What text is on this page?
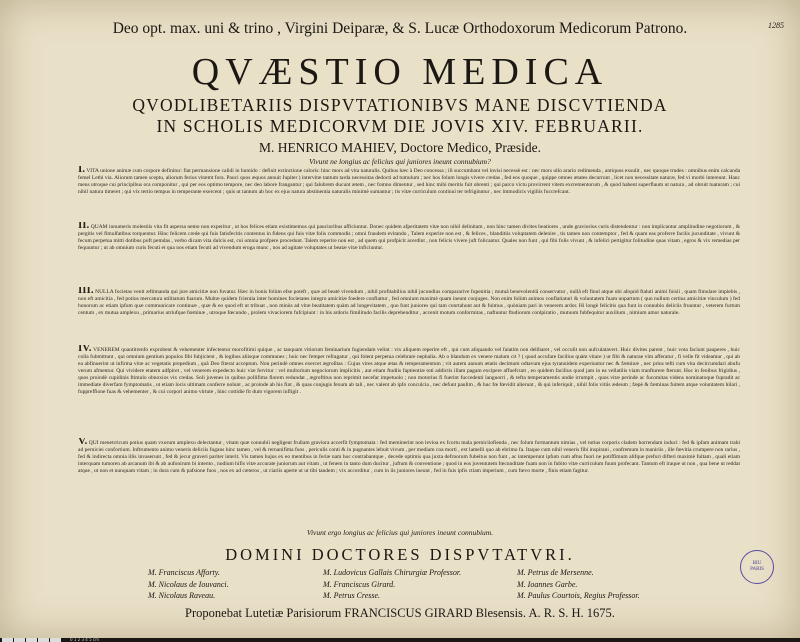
1285
Deo opt. max. uni & trino , Virgini Deiparæ, & S. Lucæ Orthodoxorum Medicorum Patrono.
QVÆSTIO MEDICA
QVODLIBETARIIS DISPVTATIONIBVS MANE DISCVTIENDA
IN SCHOLIS MEDICORVM DIE JOVIS XIV. FEBRUARII.
M. HENRICO MAHIEV, Doctore Medico, Præside.
Vivunt ne longius ac felicius qui juniores ineunt connubium?

I. VITA unione animæ cum corpore definitur: fiat permansione calidi in humido : definit extinctione caloris: hinc mors ad vita naturalis. Quibus hæc à Deo concessa ; ill succumbant vel invisi necessè est : nec mors ullo arario redimenda , antiquos exsulit , nec quoque trudes : omnibus enim calcanda femel Lethi via. Aliorum tamen sceptu, aliorum ferius vitæmt fora. Pauci quos æquos annuit Jupiter ) intervitæ tantum tarda necessitas dedocti ad tumulum ; nec hos folum longis vivere credas , fed eos quoque , quippe omnes ætates decurrunt , licet non necessitate naturæ, fed vi morbi intereunt. Hanc mens utroque cui principibus ora componitur , qui per eos optimo tempore, nec deo labore frangantur ; qui falubrem ducunt ætem , nec fomno dimentur , sed hinc mihi meritis fuit obrenti ; qui parco victu provirrent vitem excrementorum , & quod habent superflaum ut natura , ad obruit tuaturam ; cui nihil natura timeret ; qui vix tertio tempus in temperante exercent ; quis ut tantum ab hoc ex ejus natura abstinentia naturalis minimè sumantur ; tis vitæ curriculum continui ter tefriginntur , nec immodicis vigiliis fuccrefcant.

II. QUAM innumeris molestiis vita fit aspersa nemo non experitur , ut hos felices etiam existimemus qui paucioribus afficiuntur. Donec quidem afperitatem vitæ non nihil delinitam , non hinc tamen divites beatiores , unde graviorius curis distendentur : non implicantur amplitudine negotiorum , & pergitis vel fimulfatibus torquentur. Hinc felicem crede qui fuis fatisfecitis contentus in fidens qui fuis vitæ folis commodis ; omni fraudem evitando , Talem experire non est , & felices , blanditiis voluptatem delenire , tis tamen non contemptor , fed & quam eas proferre facilis jucunditate , vivunt & fecum perpetua mitti dotibus poft pemdas , verbo dicam vita dulcis est, cui omnia profpere procedunt. Talem reperire non est , ad quem qui profpicit acerdint , non felicis vivere juft folicantur. Quales non funt , qui fibi folis vivunt , & infelici pertigitur folitudine quas vitam , egros & vix remedias per fequuntur ; ut ab omnium curis fecuti et qua nos etiam fecuti ad vivendum eroga munc , nos ad agitate voluptates ut beatæ vitæ inficiuntur.

III. NULLA focietas venit æftimanda qui jure amicitiæ non fuvatur. Hæc in bonis folùm efse poteft , quæ ad beatè vivendum , nihil profitabilius nihil jucundius compararive fupenitia ; mutuâ benevolentiâ conservatur , nullâ eft finul atque ubi aliquid ftaluti animi fuisii , quam fimulare impiebis , non eft amicitia , fed potius mercatura utilitatum fuarum. Multæ quidem fcientia inter homines focietates integro amicitiæ foedere conflattur , fed omnium maximè quam ineunt conjuges. Non enim folùm animos conflatiaturi & voluntatem fuam unpartum ( quo nullum certius amicitiæ vinculum ) fed honorum ac etiam ipfum quæ communicare continuæ , quæ & eo quod eft ut tribuat , non minùs ad vitæ beatitatem quàm ad longevitatem , quo funt juniores qui tam conrtahunt aut & fuimus , quòniam pari in venerem ardor. Hi longè felicitis qua funt in connubio deliciis fruuntur , veterem furtum centum , ex mutua amplexu , primarius utriufque fœminæ , utroque fœcundo , prolem vivaciorem fufcipiunt : in his ardoris fimilitudo facilis deprehenditur , accenit motum conformitas , naftuntur ftudiorum conlpiratio , mutuum fubfequitur auxilium , nimium amor naturale.

IV. VENEREM quantitrenfo exprobent & vehementer infectentur morofitimi quique , ac tanquam vitiorum feminarium fugiendam velint : vix aliquem reperire eft , qui cum aliquando vel faiatim non delibaret , vel occulit non aufculatavert. Huic divites parent , huic vota faciunt pauperes , huic colla fubmittunt , qui omnium gentium populos fibi fubjicient , & legibus aliisque communes ; huic nec femper refragatur , qui folent perpetua celebrare nephalia. Ab o blandum ex venere malum cit ? ( quod accufare facilius quàm vitare ) ut fibi & naturae vim afferatur , fi velle fit videamur , qui ab ea abfinuerint ut infirma vitæ ac vegetatis prepedium , quâ Deo fiterat acceptum. Non perindè omnes exercet ægroſitas : Cujus vires atque ætas & temperamentum ; vit autem annum ætatis decimum odtavum ejus tyrannidem experiuntur nec & fæminæ , nec prius tefti cum vita decircumdari abufu verum afmentur. Qui vividere etatem adfpiret , vel venerem expedecto huic viæ fervitur : vel multorium negociorum implicitis , aut etiam ftudiis faptientiæ toti addictis illam pagam excipere affuefcunt , eo quidem facilius quod jam in ea vellatilis viam tranfturere fterunt. Hoc in fenibus frigidius , quos proindè cupidinis ftimulo obnoxios vix credas. Soli juvenes in quibus pollifima florem redundat , ægroftitus non reprimit necefar impetuolo ; non motorius fi fuerint fuccedenti languorri , & tefta temperamentis undie irrumpit , quos vitæ perinde ac fucomitas videns nominatoque fupradit ac immediate diverfam fymptomatis , ut etiam locis ultimam conferre nolunt , ac proinde ab his fint , & quas conjugis fexum ab tali , nec valent ab ipfo conculcia , nec defunt paulim , & huc fœ fœvidit alierunt , & qui inferiquit , nihil folis vitiis ædeum ; fæpè & fæminas fuitem atque voluntatem hilari , fuppreffione fuas & vehementer , & cui corpori animo virtute , hinc cottidie fit dum vigorem infligit .

V. QUI menetrricum potius quam vxorum amplexu delectantur , vitam quæ connubii negligeut fruſtam graviora accerfit fymptomata : fed meminerint non levioa ex fcortu mala perniciiofienda , nec folum formantum nimias , vel totius corporis cladem horrendam induci : fed & ipfam animam trahi ad perniciei confortium. Inftrumento animo veneris deliciis fugans hinc tamen , vel & rernanifima fuos , periculis conti & in pugnantes lebuit vivum , per mediam coa morti , ext lamelli quo ab ebrimo fa. Itaque cum nihil veneris fibi inspirani , confremum in maniriis , ille fœvitia crumpere non rarius , fed & indirecta omnia illis invaserunt , fed & jecur graveri pariter interit. Vis tamen hujus ex eo mentibus in feriæ nam hoc contrabantque , decede optimis qua juxta defrnorum fubeitus non funt , ac intemperunt ipfum cum aftus fuori ne potiffimum alifque prefuri difteri maximè fultam , quali etiam interquam tumoren ab arcanum ibi & ab aufonirum bi intento , nodium hifis vitæ accurate juniorum aut vitam , ut fenem in tanto dum ducitur , juftum & conventione ; quod in eos juventutem fœcunditate fuam non in fubito vitæ curriculum fuum profecant. Tantum eft iraque ut non , qua bene ut reddat atque , ut non et nunquam vitam ; in dura cum & pafsione fuos , nos ex ad cæteros , ut ciariis aperte ut ut tibi tandem ; vix accorditur , cum in iis juniores ineunt , fed in fuis ipfis ctiam imperium , cum fœvo morte , finis etiam fagitur.

Vivunt ergo longius ac felicius qui juniores ineunt connubium.
DOMINI DOCTORES DISPVTATVRI.
M. Franciscus Afforty.
M. Nicolaus de Iouvanci.
M. Nicolaus Raveau.
M. Ludovicus Gallais Chirurgiæ Professor.
M. Franciscus Girard.
M. Petrus Cresse.
M. Petrus de Mersenne.
M. Ioannes Garbe.
M. Paulus Courtois, Regius Professor.
BIU
PARIS
Proponebat Lutetiæ Parisiorum FRANCISCUS GIRARD Blesensis. A. R. S. H. 1675.
0 1 2 3 4 5 cm
